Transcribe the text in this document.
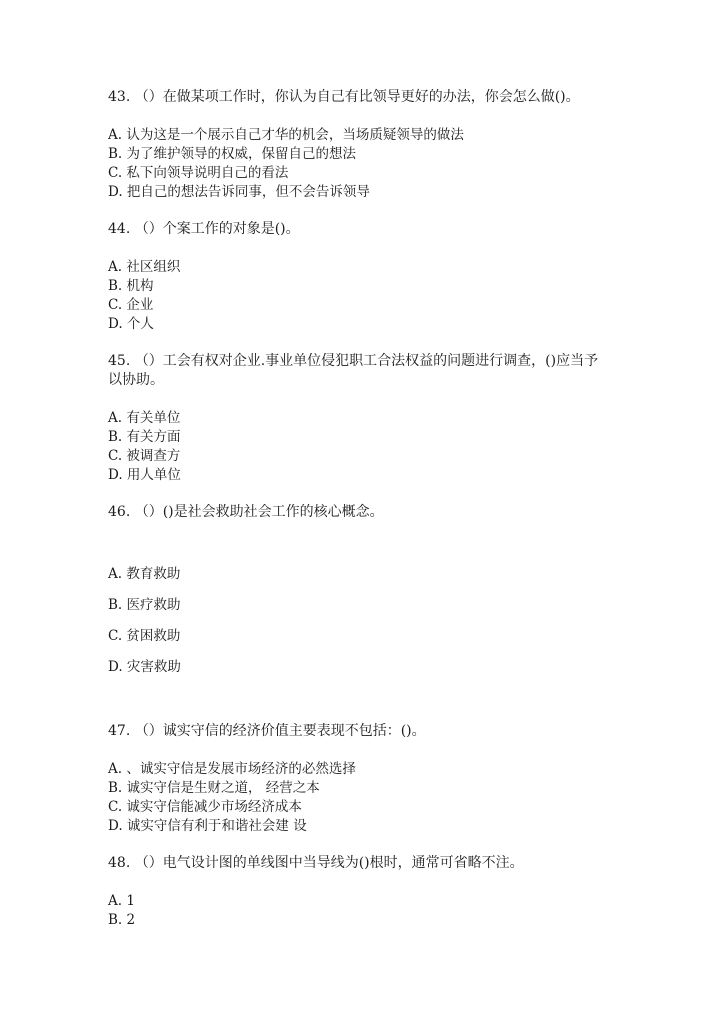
43. （）在做某项工作时，你认为自己有比领导更好的办法，你会怎么做()。
A. 认为这是一个展示自己才华的机会，当场质疑领导的做法
B. 为了维护领导的权威，保留自己的想法
C. 私下向领导说明自己的看法
D. 把自己的想法告诉同事，但不会告诉领导
44. （）个案工作的对象是()。
A. 社区组织
B. 机构
C. 企业
D. 个人
45. （）工会有权对企业.事业单位侵犯职工合法权益的问题进行调查，()应当予
以协助。
A. 有关单位
B. 有关方面
C. 被调查方
D. 用人单位
46. （）()是社会救助社会工作的核心概念。
A. 教育救助
B. 医疗救助
C. 贫困救助
D. 灾害救助
47. （）诚实守信的经济价值主要表现不包括：()。
A. 、诚实守信是发展市场经济的必然选择
B. 诚实守信是生财之道， 经营之本
C. 诚实守信能减少市场经济成本
D. 诚实守信有利于和谐社会建 设
48. （）电气设计图的单线图中当导线为()根时，通常可省略不注。
A. 1
B. 2
